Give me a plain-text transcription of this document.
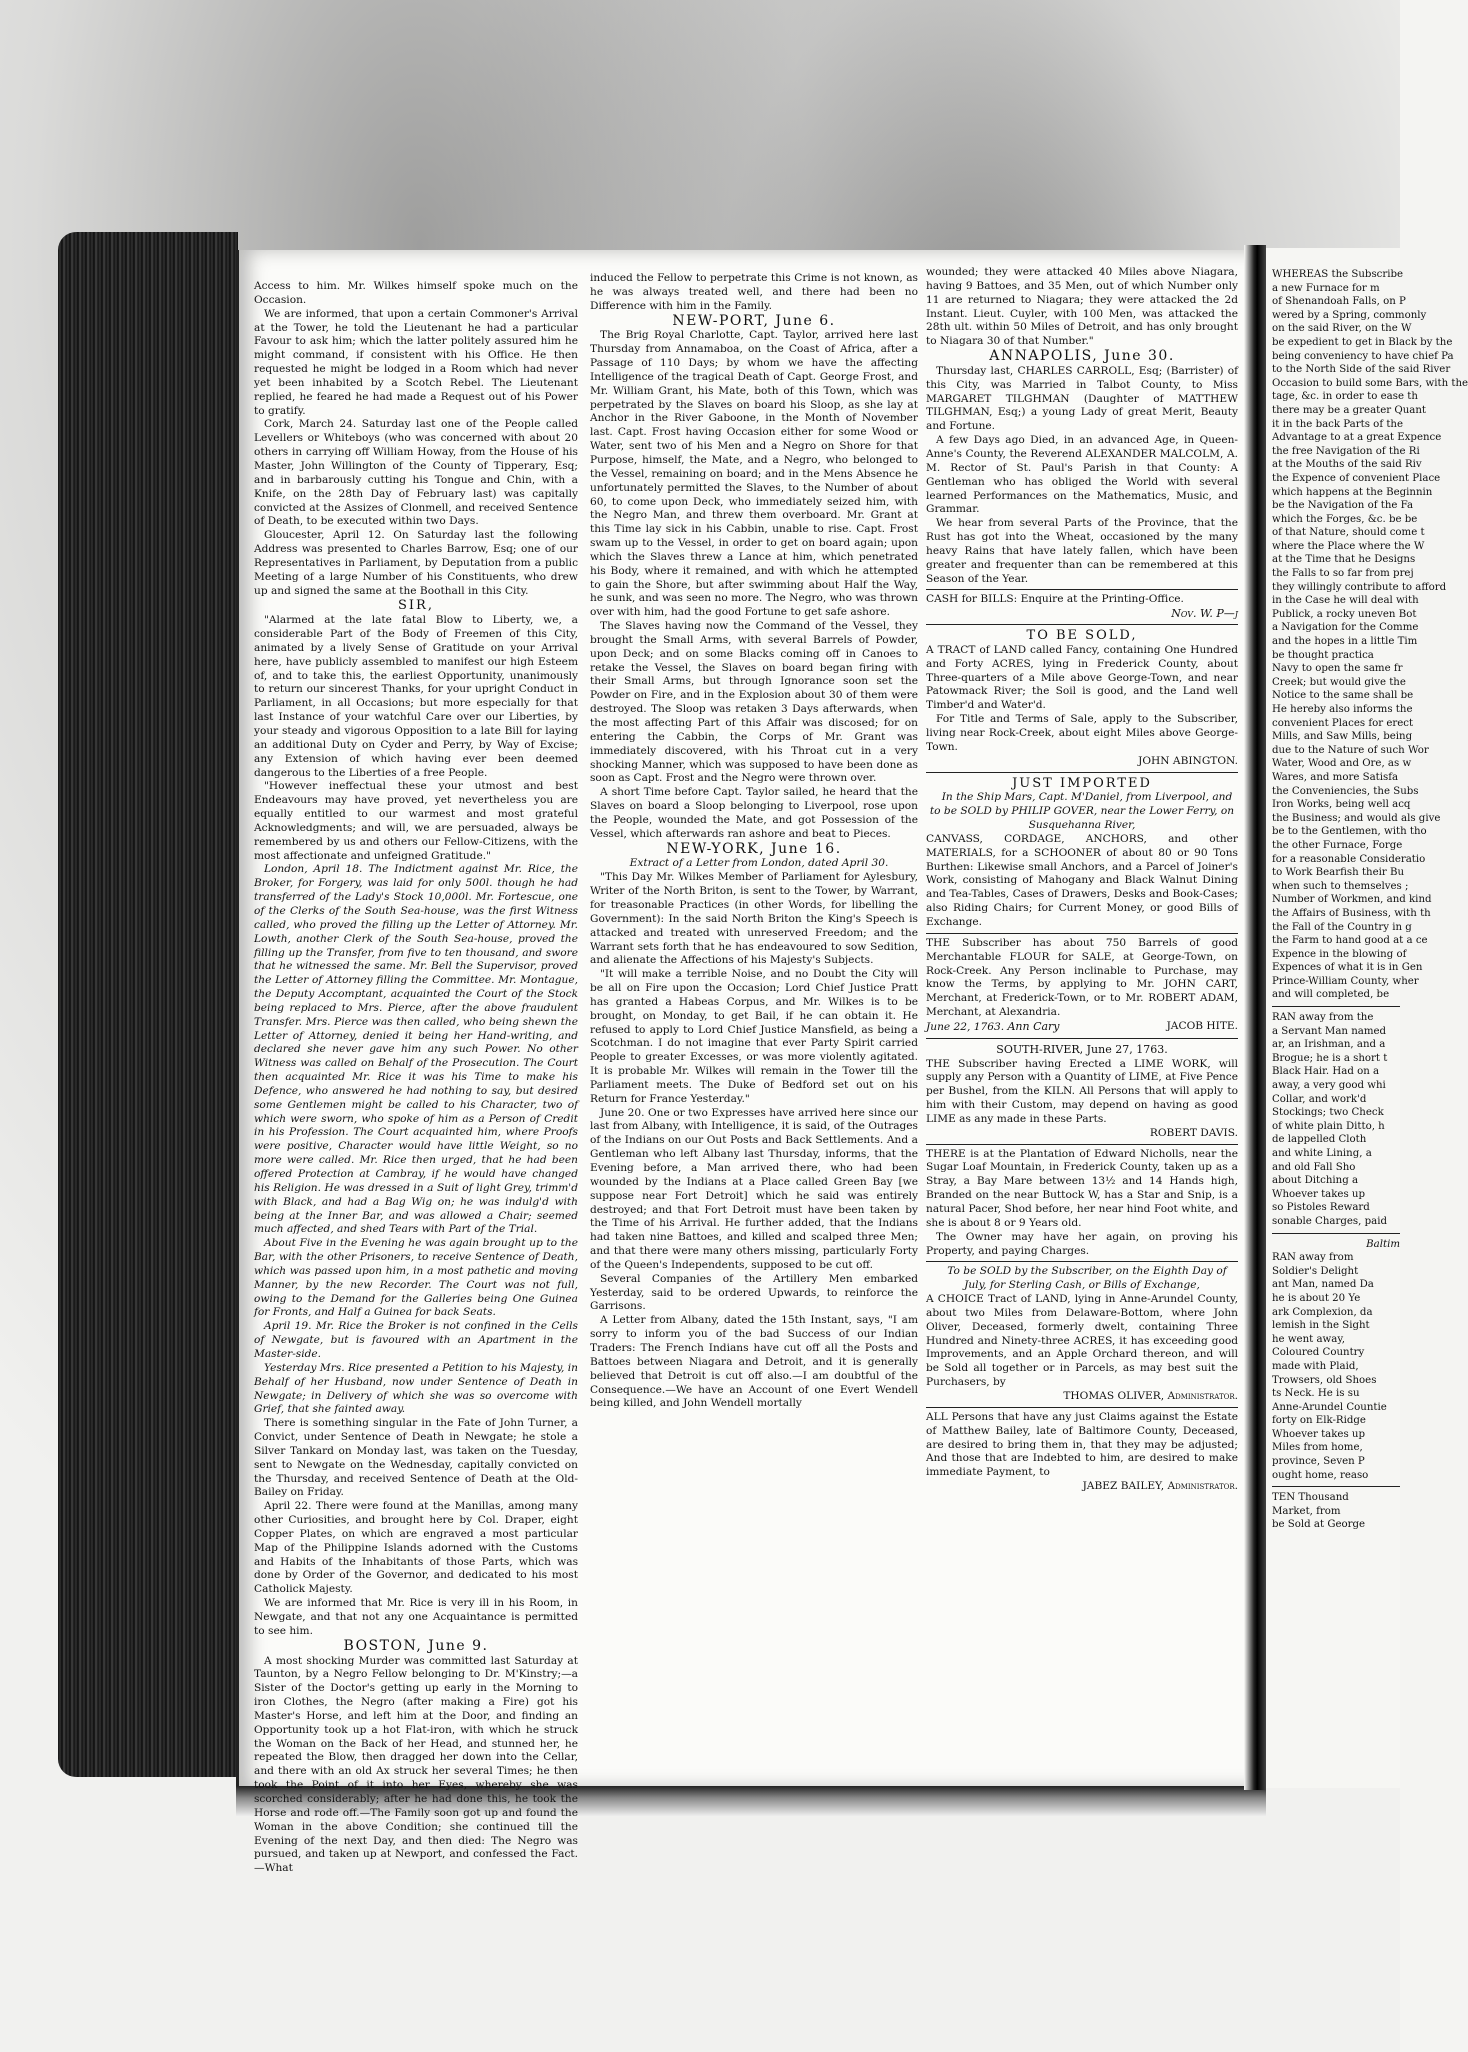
Access to him. Mr. Wilkes himself spoke much on the Occasion.

We are informed, that upon a certain Commoner's Arrival at the Tower, he told the Lieutenant he had a particular Favour to ask him; which the latter politely assured him he might command, if consistent with his Office. He then requested he might be lodged in a Room which had never yet been inhabited by a Scotch Rebel. The Lieutenant replied, he feared he had made a Request out of his Power to gratify.

Cork, March 24. Saturday last one of the People called Levellers or Whiteboys (who was concerned with about 20 others in carrying off William Howay, from the House of his Master, John Willington of the County of Tipperary, Esq; and in barbarously cutting his Tongue and Chin, with a Knife, on the 28th Day of February last) was capitally convicted at the Assizes of Clonmell, and received Sentence of Death, to be executed within two Days.

Gloucester, April 12. On Saturday last the following Address was presented to Charles Barrow, Esq; one of our Representatives in Parliament, by Deputation from a public Meeting of a large Number of his Constituents, who drew up and signed the same at the Boothall in this City.

SIR,

"Alarmed at the late fatal Blow to Liberty, we, a considerable Part of the Body of Freemen of this City, animated by a lively Sense of Gratitude on your Arrival here, have publicly assembled to manifest our high Esteem of, and to take this, the earliest Opportunity, unanimously to return our sincerest Thanks, for your upright Conduct in Parliament, in all Occasions; but more especially for that last Instance of your watchful Care over our Liberties, by your steady and vigorous Opposition to a late Bill for laying an additional Duty on Cyder and Perry, by Way of Excise; any Extension of which having ever been deemed dangerous to the Liberties of a free People.

"However ineffectual these your utmost and best Endeavours may have proved, yet nevertheless you are equally entitled to our warmest and most grateful Acknowledgments; and will, we are persuaded, always be remembered by us and others our Fellow-Citizens, with the most affectionate and unfeigned Gratitude."

London, April 18. The Indictment against Mr. Rice, the Broker, for Forgery, was laid for only 500l. though he had transferred of the Lady's Stock 10,000l. Mr. Fortescue, one of the Clerks of the South Sea-house, was the first Witness called, who proved the filling up the Letter of Attorney. Mr. Lowth, another Clerk of the South Sea-house, proved the filling up the Transfer, from five to ten thousand, and swore that he witnessed the same. Mr. Bell the Supervisor, proved the Letter of Attorney filling the Committee. Mr. Montague, the Deputy Accomptant, acquainted the Court of the Stock being replaced to Mrs. Pierce, after the above fraudulent Transfer. Mrs. Pierce was then called, who being shewn the Letter of Attorney, denied it being her Hand-writing, and declared she never gave him any such Power. No other Witness was called on Behalf of the Prosecution. The Court then acquainted Mr. Rice it was his Time to make his Defence, who answered he had nothing to say, but desired some Gentlemen might be called to his Character, two of which were sworn, who spoke of him as a Person of Credit in his Profession. The Court acquainted him, where Proofs were positive, Character would have little Weight, so no more were called. Mr. Rice then urged, that he had been offered Protection at Cambray, if he would have changed his Religion. He was dressed in a Suit of light Grey, trimm'd with Black, and had a Bag Wig on; he was indulg'd with being at the Inner Bar, and was allowed a Chair; seemed much affected, and shed Tears with Part of the Trial.

About Five in the Evening he was again brought up to the Bar, with the other Prisoners, to receive Sentence of Death, which was passed upon him, in a most pathetic and moving Manner, by the new Recorder. The Court was not full, owing to the Demand for the Galleries being One Guinea for Fronts, and Half a Guinea for back Seats.

April 19. Mr. Rice the Broker is not confined in the Cells of Newgate, but is favoured with an Apartment in the Master-side.

Yesterday Mrs. Rice presented a Petition to his Majesty, in Behalf of her Husband, now under Sentence of Death in Newgate; in Delivery of which she was so overcome with Grief, that she fainted away.

There is something singular in the Fate of John Turner, a Convict, under Sentence of Death in Newgate; he stole a Silver Tankard on Monday last, was taken on the Tuesday, sent to Newgate on the Wednesday, capitally convicted on the Thursday, and received Sentence of Death at the Old-Bailey on Friday.

April 22. There were found at the Manillas, among many other Curiosities, and brought here by Col. Draper, eight Copper Plates, on which are engraved a most particular Map of the Philippine Islands adorned with the Customs and Habits of the Inhabitants of those Parts, which was done by Order of the Governor, and dedicated to his most Catholick Majesty.

We are informed that Mr. Rice is very ill in his Room, in Newgate, and that not any one Acquaintance is permitted to see him.

BOSTON, June 9.

A most shocking Murder was committed last Saturday at Taunton, by a Negro Fellow belonging to Dr. M'Kinstry;—a Sister of the Doctor's getting up early in the Morning to iron Clothes, the Negro (after making a Fire) got his Master's Horse, and left him at the Door, and finding an Opportunity took up a hot Flat-iron, with which he struck the Woman on the Back of her Head, and stunned her, he repeated the Blow, then dragged her down into the Cellar, and there with an old Ax struck her several Times; he then took the Point of it into her Eyes, whereby she was scorched considerably; after he had done this, he took the Horse and rode off.—The Family soon got up and found the Woman in the above Condition; she continued till the Evening of the next Day, and then died: The Negro was pursued, and taken up at Newport, and confessed the Fact.—What

induced the Fellow to perpetrate this Crime is not known, as he was always treated well, and there had been no Difference with him in the Family.

NEW-PORT, June 6.

The Brig Royal Charlotte, Capt. Taylor, arrived here last Thursday from Annamaboa, on the Coast of Africa, after a Passage of 110 Days; by whom we have the affecting Intelligence of the tragical Death of Capt. George Frost, and Mr. William Grant, his Mate, both of this Town, which was perpetrated by the Slaves on board his Sloop, as she lay at Anchor in the River Gaboone, in the Month of November last. Capt. Frost having Occasion either for some Wood or Water, sent two of his Men and a Negro on Shore for that Purpose, himself, the Mate, and a Negro, who belonged to the Vessel, remaining on board; and in the Mens Absence he unfortunately permitted the Slaves, to the Number of about 60, to come upon Deck, who immediately seized him, with the Negro Man, and threw them overboard. Mr. Grant at this Time lay sick in his Cabbin, unable to rise. Capt. Frost swam up to the Vessel, in order to get on board again; upon which the Slaves threw a Lance at him, which penetrated his Body, where it remained, and with which he attempted to gain the Shore, but after swimming about Half the Way, he sunk, and was seen no more. The Negro, who was thrown over with him, had the good Fortune to get safe ashore.

The Slaves having now the Command of the Vessel, they brought the Small Arms, with several Barrels of Powder, upon Deck; and on some Blacks coming off in Canoes to retake the Vessel, the Slaves on board began firing with their Small Arms, but through Ignorance soon set the Powder on Fire, and in the Explosion about 30 of them were destroyed. The Sloop was retaken 3 Days afterwards, when the most affecting Part of this Affair was discosed; for on entering the Cabbin, the Corps of Mr. Grant was immediately discovered, with his Throat cut in a very shocking Manner, which was supposed to have been done as soon as Capt. Frost and the Negro were thrown over.

A short Time before Capt. Taylor sailed, he heard that the Slaves on board a Sloop belonging to Liverpool, rose upon the People, wounded the Mate, and got Possession of the Vessel, which afterwards ran ashore and beat to Pieces.

NEW-YORK, June 16.

Extract of a Letter from London, dated April 30.

"This Day Mr. Wilkes Member of Parliament for Aylesbury, Writer of the North Briton, is sent to the Tower, by Warrant, for treasonable Practices (in other Words, for libelling the Government): In the said North Briton the King's Speech is attacked and treated with unreserved Freedom; and the Warrant sets forth that he has endeavoured to sow Sedition, and alienate the Affections of his Majesty's Subjects.

"It will make a terrible Noise, and no Doubt the City will be all on Fire upon the Occasion; Lord Chief Justice Pratt has granted a Habeas Corpus, and Mr. Wilkes is to be brought, on Monday, to get Bail, if he can obtain it. He refused to apply to Lord Chief Justice Mansfield, as being a Scotchman. I do not imagine that ever Party Spirit carried People to greater Excesses, or was more violently agitated. It is probable Mr. Wilkes will remain in the Tower till the Parliament meets. The Duke of Bedford set out on his Return for France Yesterday."

June 20. One or two Expresses have arrived here since our last from Albany, with Intelligence, it is said, of the Outrages of the Indians on our Out Posts and Back Settlements. And a Gentleman who left Albany last Thursday, informs, that the Evening before, a Man arrived there, who had been wounded by the Indians at a Place called Green Bay [we suppose near Fort Detroit] which he said was entirely destroyed; and that Fort Detroit must have been taken by the Time of his Arrival. He further added, that the Indians had taken nine Battoes, and killed and scalped three Men; and that there were many others missing, particularly Forty of the Queen's Independents, supposed to be cut off.

Several Companies of the Artillery Men embarked Yesterday, said to be ordered Upwards, to reinforce the Garrisons.

A Letter from Albany, dated the 15th Instant, says, "I am sorry to inform you of the bad Success of our Indian Traders: The French Indians have cut off all the Posts and Battoes between Niagara and Detroit, and it is generally believed that Detroit is cut off also.—I am doubtful of the Consequence.—We have an Account of one Evert Wendell being killed, and John Wendell mortally

wounded; they were attacked 40 Miles above Niagara, having 9 Battoes, and 35 Men, out of which Number only 11 are returned to Niagara; they were attacked the 2d Instant. Lieut. Cuyler, with 100 Men, was attacked the 28th ult. within 50 Miles of Detroit, and has only brought to Niagara 30 of that Number."

ANNAPOLIS, June 30.

Thursday last, CHARLES CARROLL, Esq; (Barrister) of this City, was Married in Talbot County, to Miss MARGARET TILGHMAN (Daughter of MATTHEW TILGHMAN, Esq;) a young Lady of great Merit, Beauty and Fortune.

A few Days ago Died, in an advanced Age, in Queen-Anne's County, the Reverend ALEXANDER MALCOLM, A. M. Rector of St. Paul's Parish in that County: A Gentleman who has obliged the World with several learned Performances on the Mathematics, Music, and Grammar.

We hear from several Parts of the Province, that the Rust has got into the Wheat, occasioned by the many heavy Rains that have lately fallen, which have been greater and frequenter than can be remembered at this Season of the Year.

CASH for BILLS: Enquire at the Printing-Office.

Nov. W. P—j

TO BE SOLD,

A TRACT of LAND called Fancy, containing One Hundred and Forty ACRES, lying in Frederick County, about Three-quarters of a Mile above George-Town, and near Patowmack River; the Soil is good, and the Land well Timber'd and Water'd.

For Title and Terms of Sale, apply to the Subscriber, living near Rock-Creek, about eight Miles above George-Town.

JOHN ABINGTON.

JUST IMPORTED

In the Ship Mars, Capt. M'Daniel, from Liverpool, and to be SOLD by PHILIP GOVER, near the Lower Ferry, on Susquehanna River,

CANVASS, CORDAGE, ANCHORS, and other MATERIALS, for a SCHOONER of about 80 or 90 Tons Burthen: Likewise small Anchors, and a Parcel of Joiner's Work, consisting of Mahogany and Black Walnut Dining and Tea-Tables, Cases of Drawers, Desks and Book-Cases; also Riding Chairs; for Current Money, or good Bills of Exchange.

THE Subscriber has about 750 Barrels of good Merchantable FLOUR for SALE, at George-Town, on Rock-Creek. Any Person inclinable to Purchase, may know the Terms, by applying to Mr. JOHN CART, Merchant, at Frederick-Town, or to Mr. ROBERT ADAM, Merchant, at Alexandria.

June 22, 1763. Ann Cary	JACOB HITE.

SOUTH-RIVER, June 27, 1763.

THE Subscriber having Erected a LIME WORK, will supply any Person with a Quantity of LIME, at Five Pence per Bushel, from the KILN. All Persons that will apply to him with their Custom, may depend on having as good LIME as any made in these Parts.

ROBERT DAVIS.

THERE is at the Plantation of Edward Nicholls, near the Sugar Loaf Mountain, in Frederick County, taken up as a Stray, a Bay Mare between 13½ and 14 Hands high, Branded on the near Buttock W, has a Star and Snip, is a natural Pacer, Shod before, her near hind Foot white, and she is about 8 or 9 Years old.

The Owner may have her again, on proving his Property, and paying Charges.

To be SOLD by the Subscriber, on the Eighth Day of July, for Sterling Cash, or Bills of Exchange,

A CHOICE Tract of LAND, lying in Anne-Arundel County, about two Miles from Delaware-Bottom, where John Oliver, Deceased, formerly dwelt, containing Three Hundred and Ninety-three ACRES, it has exceeding good Improvements, and an Apple Orchard thereon, and will be Sold all together or in Parcels, as may best suit the Purchasers, by

THOMAS OLIVER, Administrator.

ALL Persons that have any just Claims against the Estate of Matthew Bailey, late of Baltimore County, Deceased, are desired to bring them in, that they may be adjusted; And those that are Indebted to him, are desired to make immediate Payment, to

JABEZ BAILEY, Administrator.

WHEREAS the Subscribe
a new Furnace for m
of Shenandoah Falls, on P
wered by a Spring, commonly
on the said River, on the W
be expedient to get in Black by the
being conveniency to have chief Pa
to the North Side of the said River
Occasion to build some Bars, with the
tage, &c. in order to ease th
there may be a greater Quant
it in the back Parts of the
Advantage to at a great Expence
the free Navigation of the Ri
at the Mouths of the said Riv
the Expence of convenient Place
which happens at the Beginnin
be the Navigation of the Fa
which the Forges, &c. be be
of that Nature, should come t
where the Place where the W
at the Time that he Designs
the Falls to so far from prej
they willingly contribute to afford
in the Case he will deal with
Publick, a rocky uneven Bot
a Navigation for the Comme
and the hopes in a little Tim
be thought practica
Navy to open the same fr
Creek; but would give the
Notice to the same shall be
He hereby also informs the
convenient Places for erect
Mills, and Saw Mills, being
due to the Nature of such Wor
Water, Wood and Ore, as w
Wares, and more Satisfa
the Conveniencies, the Subs
Iron Works, being well acq
the Business; and would als give
be to the Gentlemen, with tho
the other Furnace, Forge
for a reasonable Consideratio
to Work Bearfish their Bu
when such to themselves ;
Number of Workmen, and kind
the Affairs of Business, with th
the Fall of the Country in g
the Farm to hand good at a ce
Expence in the blowing of
Expences of what it is in Gen
Prince-William County, wher
and will completed, be
RAN away from the
a Servant Man named
ar, an Irishman, and a
Brogue; he is a short t
Black Hair. Had on a
away, a very good whi
Collar, and work'd
Stockings; two Check
of white plain Ditto, h
de lappelled Cloth
and white Lining, a
and old Fall Sho
about Ditching a
Whoever takes up
so Pistoles Reward
sonable Charges, paid
Baltim
RAN away from
Soldier's Delight
ant Man, named Da
he is about 20 Ye
ark Complexion, da
lemish in the Sight
he went away,
Coloured Country
made with Plaid,
Trowsers, old Shoes
ts Neck. He is su
Anne-Arundel Countie
forty on Elk-Ridge
Whoever takes up
Miles from home,
province, Seven P
ought home, reaso
TEN Thousand
Market, from
be Sold at George
